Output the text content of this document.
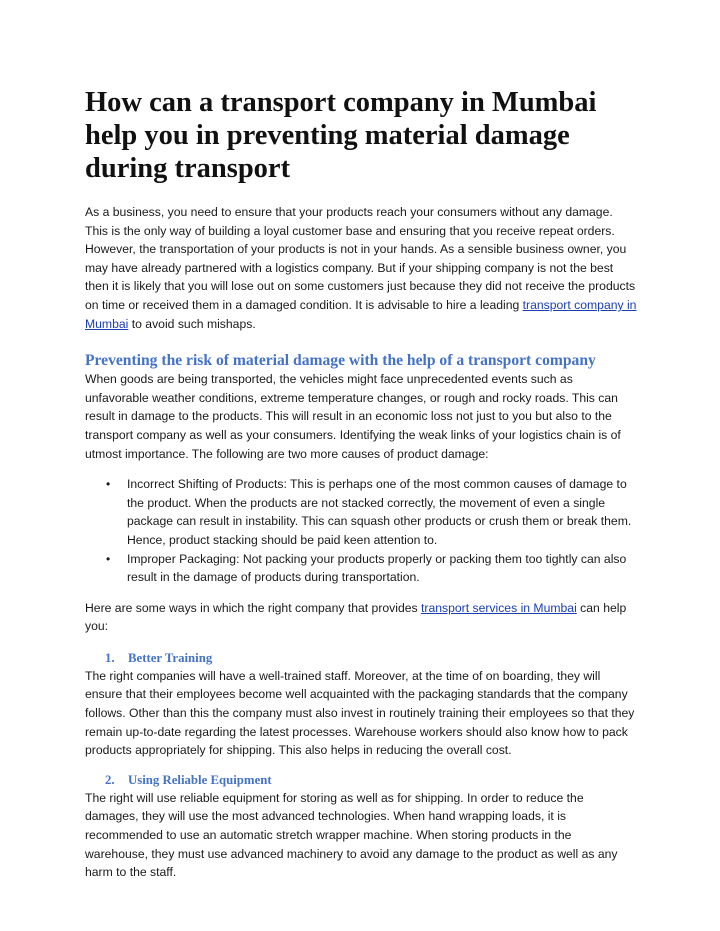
How can a transport company in Mumbai help you in preventing material damage during transport

As a business, you need to ensure that your products reach your consumers without any damage. This is the only way of building a loyal customer base and ensuring that you receive repeat orders. However, the transportation of your products is not in your hands. As a sensible business owner, you may have already partnered with a logistics company. But if your shipping company is not the best then it is likely that you will lose out on some customers just because they did not receive the products on time or received them in a damaged condition. It is advisable to hire a leading transport company in Mumbai to avoid such mishaps.

Preventing the risk of material damage with the help of a transport company

When goods are being transported, the vehicles might face unprecedented events such as unfavorable weather conditions, extreme temperature changes, or rough and rocky roads. This can result in damage to the products. This will result in an economic loss not just to you but also to the transport company as well as your consumers. Identifying the weak links of your logistics chain is of utmost importance. The following are two more causes of product damage:

• Incorrect Shifting of Products: This is perhaps one of the most common causes of damage to the product. When the products are not stacked correctly, the movement of even a single package can result in instability. This can squash other products or crush them or break them. Hence, product stacking should be paid keen attention to.
• Improper Packaging: Not packing your products properly or packing them too tightly can also result in the damage of products during transportation.

Here are some ways in which the right company that provides transport services in Mumbai can help you:

1. Better Training

The right companies will have a well-trained staff. Moreover, at the time of on boarding, they will ensure that their employees become well acquainted with the packaging standards that the company follows. Other than this the company must also invest in routinely training their employees so that they remain up-to-date regarding the latest processes. Warehouse workers should also know how to pack products appropriately for shipping. This also helps in reducing the overall cost.

2. Using Reliable Equipment

The right will use reliable equipment for storing as well as for shipping. In order to reduce the damages, they will use the most advanced technologies. When hand wrapping loads, it is recommended to use an automatic stretch wrapper machine. When storing products in the warehouse, they must use advanced machinery to avoid any damage to the product as well as any harm to the staff.
